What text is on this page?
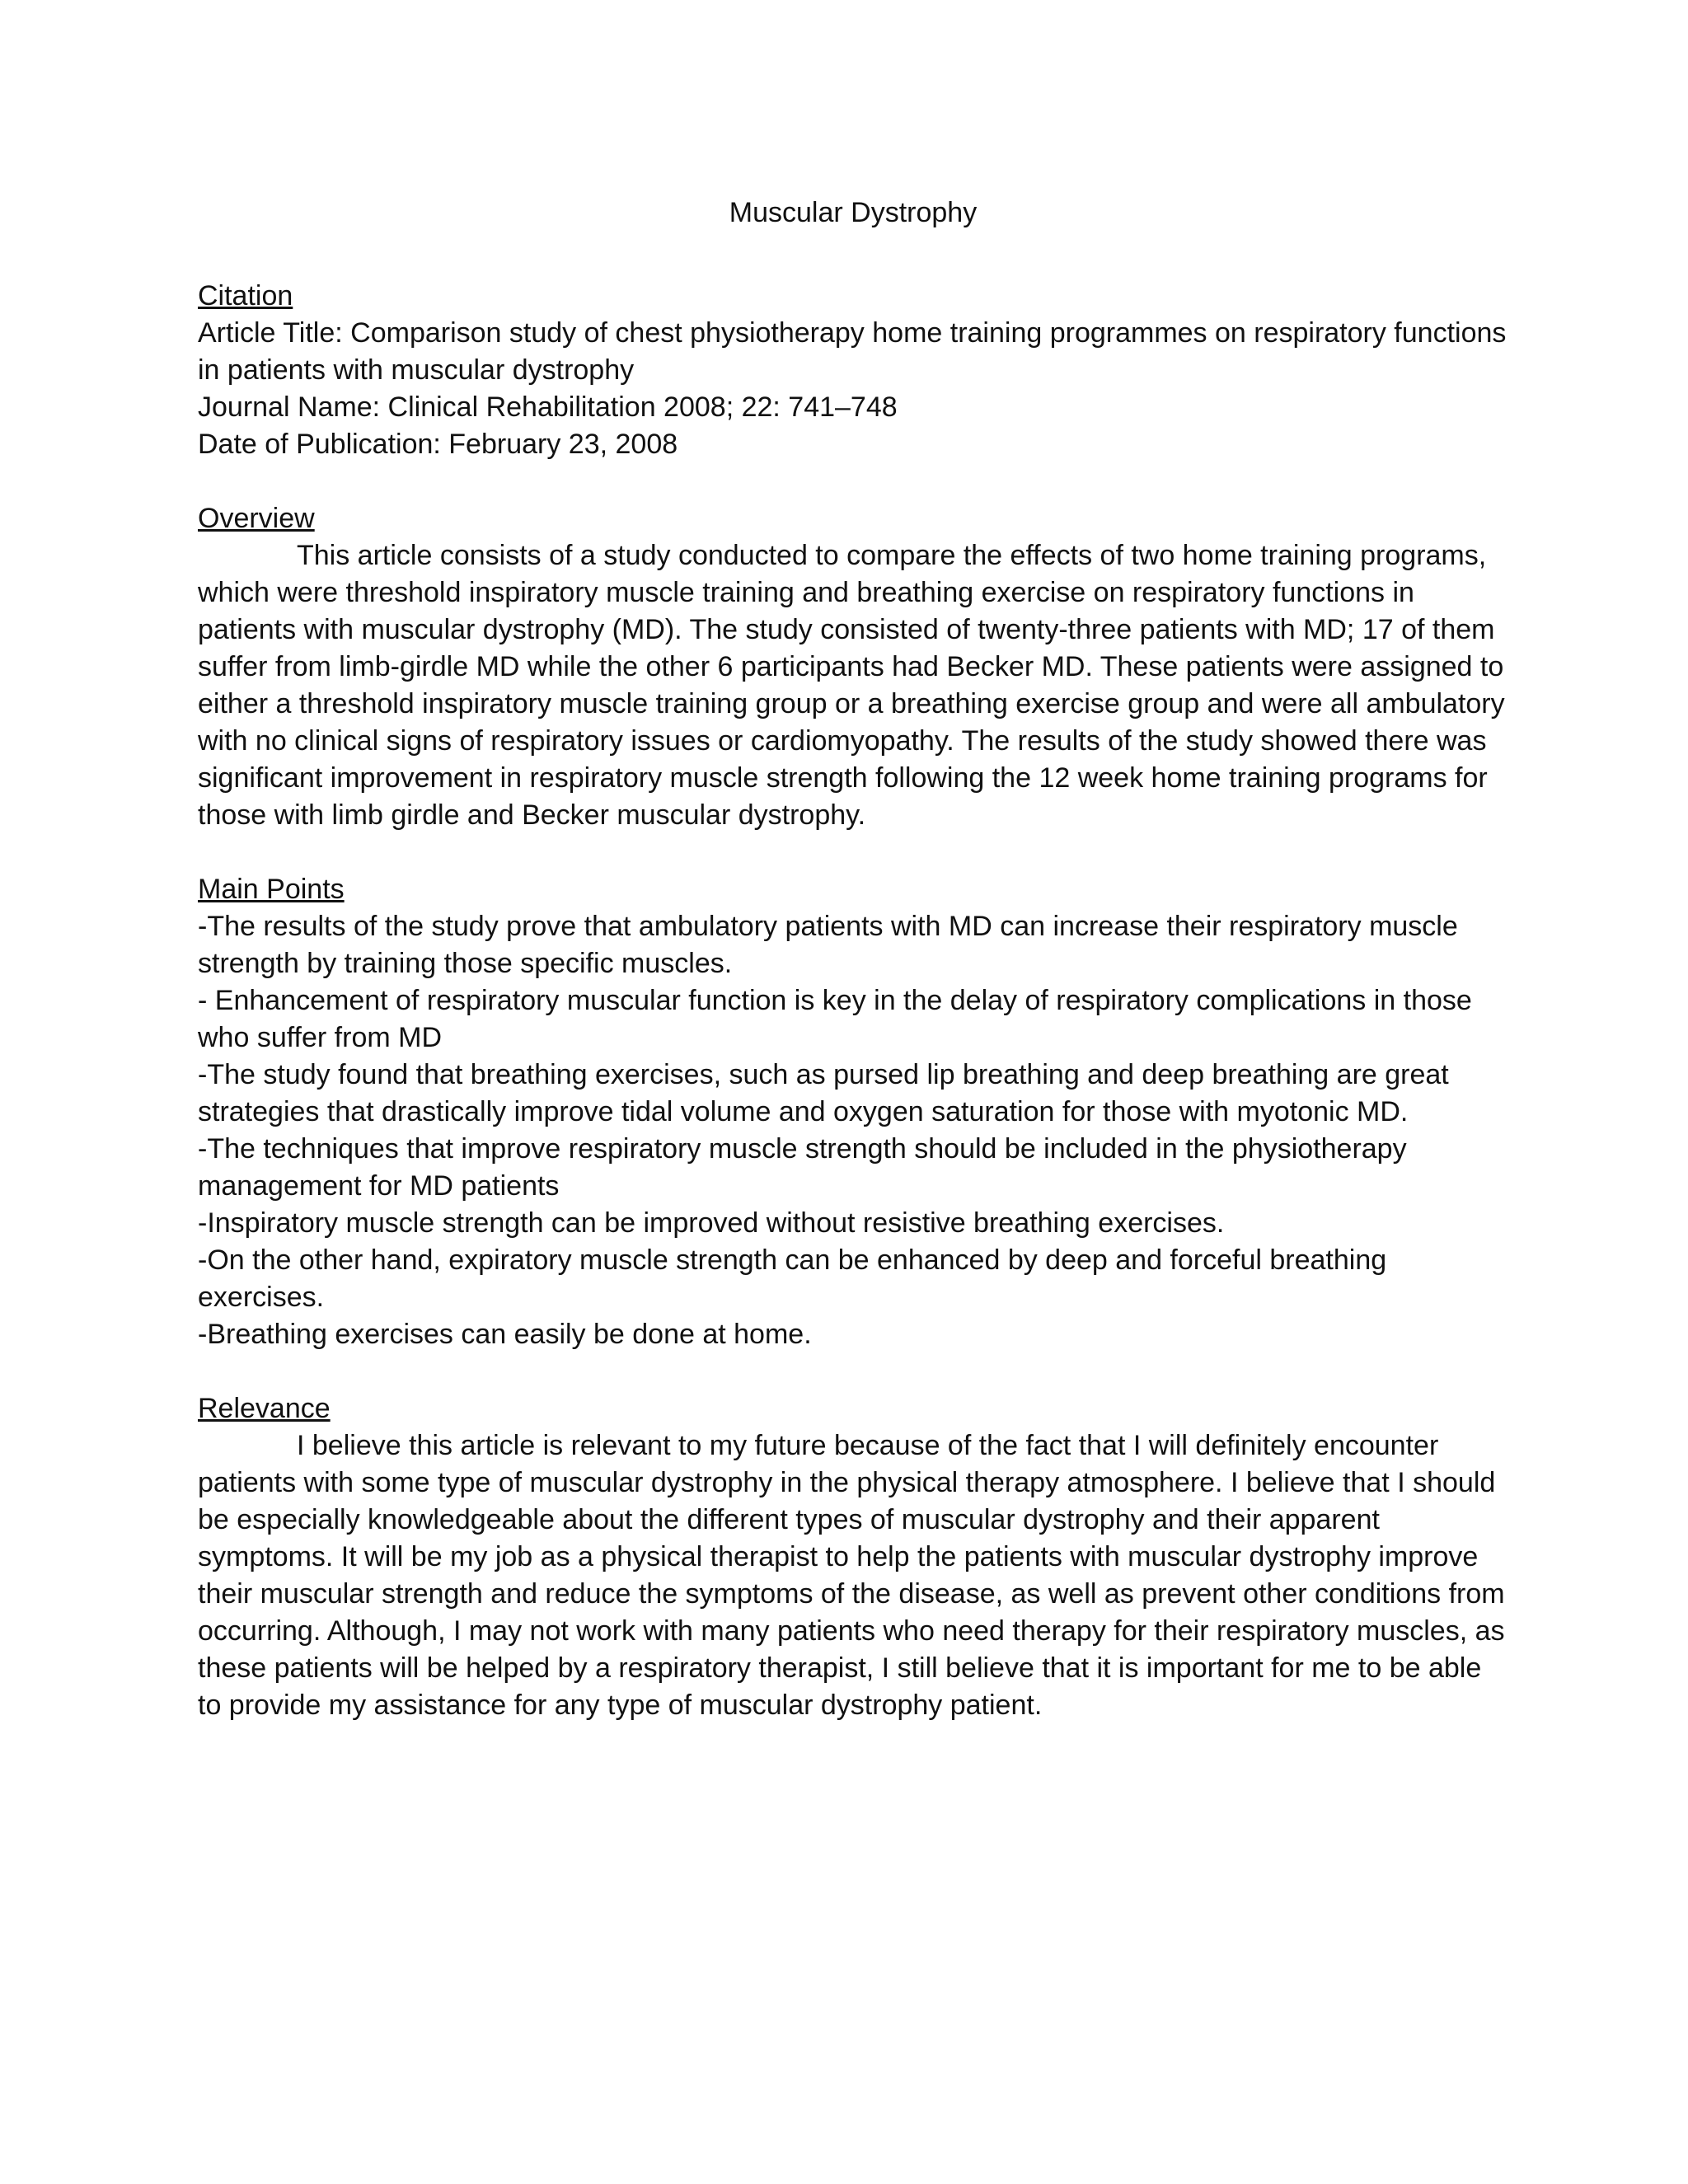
Muscular Dystrophy
Citation

Article Title: Comparison study of chest physiotherapy home training programmes on respiratory functions in patients with muscular dystrophy

Journal Name: Clinical Rehabilitation 2008; 22: 741–748

Date of Publication: February 23, 2008

Overview

This article consists of a study conducted to compare the effects of two home training programs, which were threshold inspiratory muscle training and breathing exercise on respiratory functions in patients with muscular dystrophy (MD). The study consisted of twenty-three patients with MD; 17 of them suffer from limb-girdle MD while the other 6 participants had Becker MD. These patients were assigned to either a threshold inspiratory muscle training group or a breathing exercise group and were all ambulatory with no clinical signs of respiratory issues or cardiomyopathy. The results of the study showed there was significant improvement in respiratory muscle strength following the 12 week home training programs for those with limb girdle and Becker muscular dystrophy.

Main Points
-The results of the study prove that ambulatory patients with MD can increase their respiratory muscle strength by training those specific muscles.
- Enhancement of respiratory muscular function is key in the delay of respiratory complications in those who suffer from MD
-The study found that breathing exercises, such as pursed lip breathing and deep breathing are great strategies that drastically improve tidal volume and oxygen saturation for those with myotonic MD.
-The techniques that improve respiratory muscle strength should be included in the physiotherapy management for MD patients
-Inspiratory muscle strength can be improved without resistive breathing exercises.
-On the other hand, expiratory muscle strength can be enhanced by deep and forceful breathing exercises.
-Breathing exercises can easily be done at home.
Relevance

I believe this article is relevant to my future because of the fact that I will definitely encounter patients with some type of muscular dystrophy in the physical therapy atmosphere. I believe that I should be especially knowledgeable about the different types of muscular dystrophy and their apparent symptoms. It will be my job as a physical therapist to help the patients with muscular dystrophy improve their muscular strength and reduce the symptoms of the disease, as well as prevent other conditions from occurring. Although, I may not work with many patients who need therapy for their respiratory muscles, as these patients will be helped by a respiratory therapist, I still believe that it is important for me to be able to provide my assistance for any type of muscular dystrophy patient.
